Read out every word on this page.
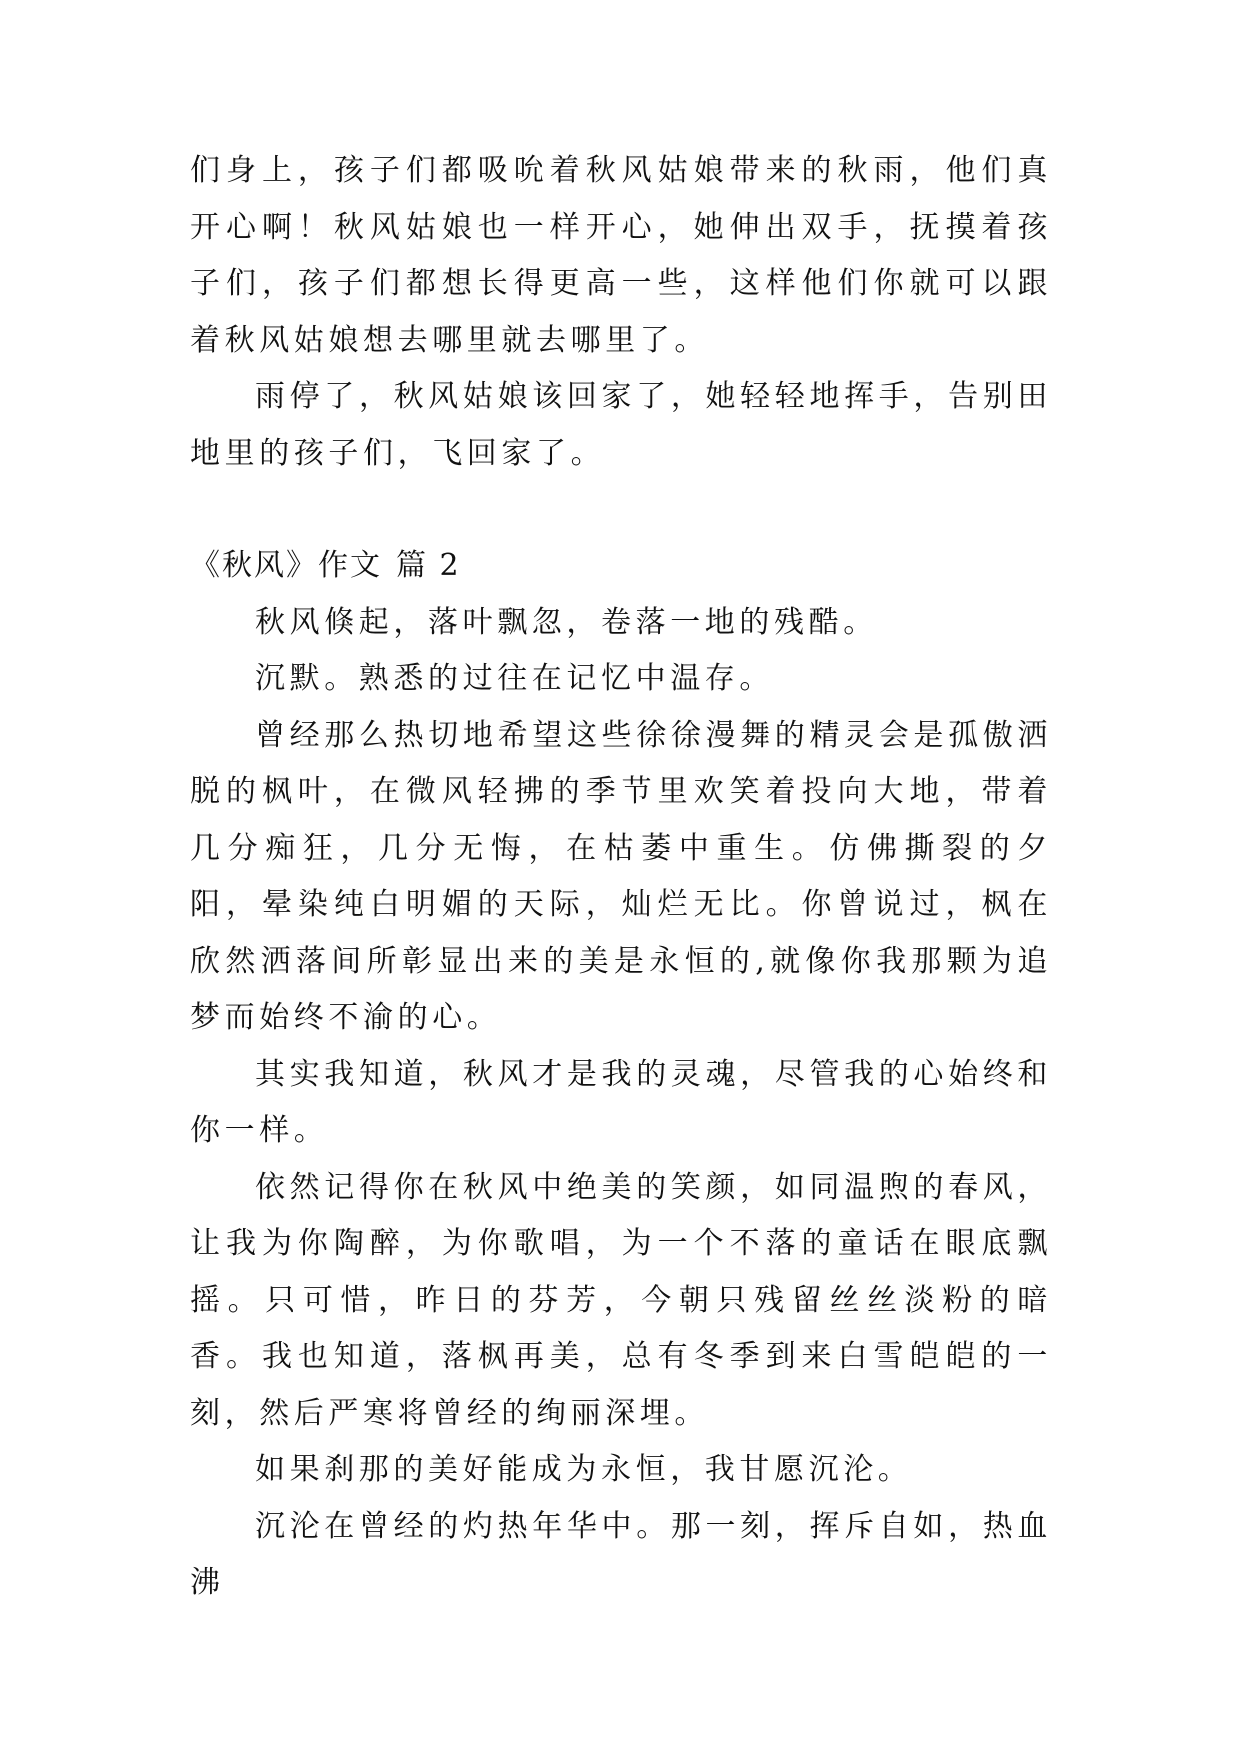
们身上，孩子们都吸吮着秋风姑娘带来的秋雨，他们真开心啊！秋风姑娘也一样开心，她伸出双手，抚摸着孩子们，孩子们都想长得更高一些，这样他们你就可以跟着秋风姑娘想去哪里就去哪里了。

雨停了，秋风姑娘该回家了，她轻轻地挥手，告别田地里的孩子们，飞回家了。

《秋风》作文 篇 2

秋风倏起，落叶飘忽，卷落一地的残酷。

沉默。熟悉的过往在记忆中温存。

曾经那么热切地希望这些徐徐漫舞的精灵会是孤傲洒脱的枫叶，在微风轻拂的季节里欢笑着投向大地，带着几分痴狂，几分无悔，在枯萎中重生。仿佛撕裂的夕阳，晕染纯白明媚的天际，灿烂无比。你曾说过，枫在欣然洒落间所彰显出来的美是永恒的,就像你我那颗为追梦而始终不渝的心。

其实我知道，秋风才是我的灵魂，尽管我的心始终和你一样。

依然记得你在秋风中绝美的笑颜，如同温煦的春风，让我为你陶醉，为你歌唱，为一个不落的童话在眼底飘摇。只可惜，昨日的芬芳，今朝只残留丝丝淡粉的暗香。我也知道，落枫再美，总有冬季到来白雪皑皑的一刻，然后严寒将曾经的绚丽深埋。

如果刹那的美好能成为永恒，我甘愿沉沦。

沉沦在曾经的灼热年华中。那一刻，挥斥自如，热血沸
